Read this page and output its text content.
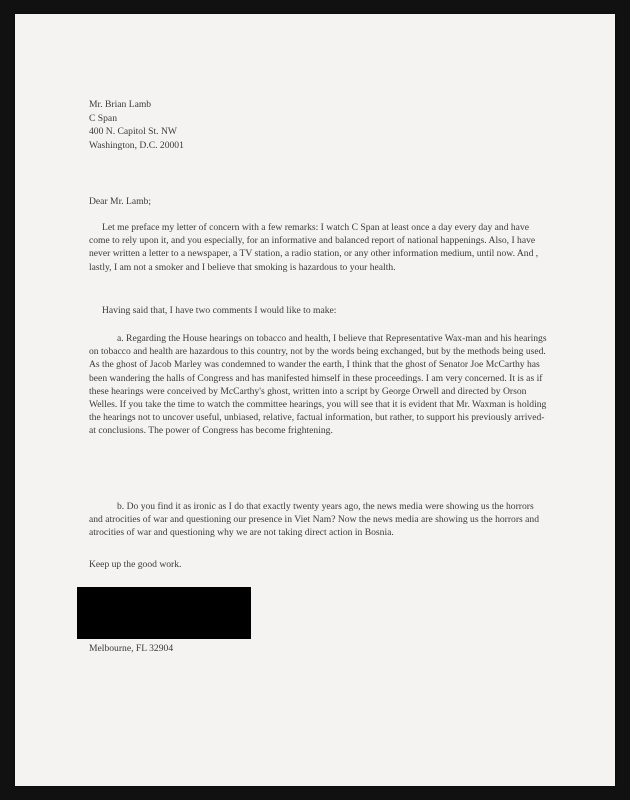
Mr. Brian Lamb
C Span
400 N. Capitol St. NW
Washington, D.C. 20001
Dear Mr. Lamb;
Let me preface my letter of concern with a few remarks: I watch C Span at least once a day every day and have come to rely upon it, and you especially, for an informative and balanced report of national happenings. Also, I have never written a letter to a newspaper, a TV station, a radio station, or any other information medium, until now. And , lastly, I am not a smoker and I believe that smoking is hazardous to your health.
Having said that, I have two comments I would like to make:
a. Regarding the House hearings on tobacco and health, I believe that Representative Wax-man and his hearings on tobacco and health are hazardous to this country, not by the words being exchanged, but by the methods being used. As the ghost of Jacob Marley was condemned to wander the earth, I think that the ghost of Senator Joe McCarthy has been wandering the halls of Congress and has manifested himself in these proceedings. I am very concerned. It is as if these hearings were conceived by McCarthy's ghost, written into a script by George Orwell and directed by Orson Welles. If you take the time to watch the committee hearings, you will see that it is evident that Mr. Waxman is holding the hearings not to uncover useful, unbiased, relative, factual information, but rather, to support his previously arrived-at conclusions. The power of Congress has become frightening.
b. Do you find it as ironic as I do that exactly twenty years ago, the news media were showing us the horrors and atrocities of war and questioning our presence in Viet Nam? Now the news media are showing us the horrors and atrocities of war and questioning why we are not taking direct action in Bosnia.
Keep up the good work.
Melbourne, FL 32904
